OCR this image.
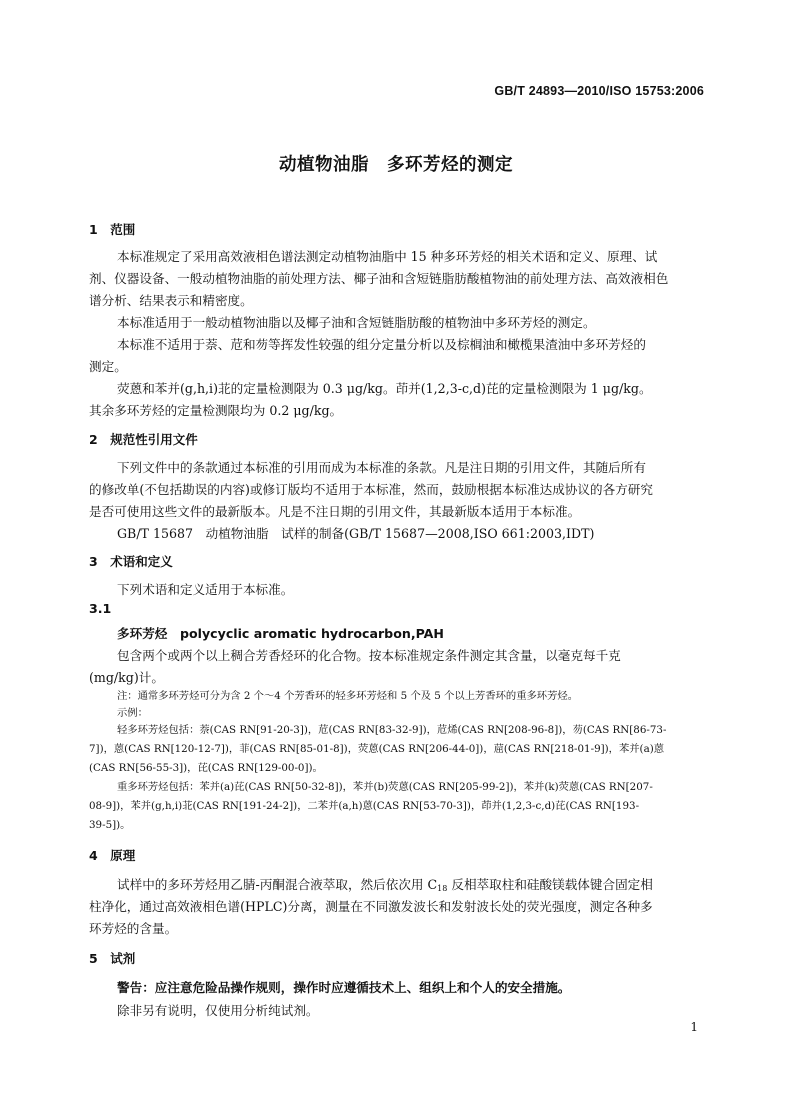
GB/T 24893—2010/ISO 15753:2006
动植物油脂　多环芳烃的测定
1　范围
本标准规定了采用高效液相色谱法测定动植物油脂中 15 种多环芳烃的相关术语和定义、原理、试
剂、仪器设备、一般动植物油脂的前处理方法、椰子油和含短链脂肪酸植物油的前处理方法、高效液相色
谱分析、结果表示和精密度。
本标准适用于一般动植物油脂以及椰子油和含短链脂肪酸的植物油中多环芳烃的测定。
本标准不适用于萘、苊和芴等挥发性较强的组分定量分析以及棕榈油和橄榄果渣油中多环芳烃的
测定。
荧蒽和苯并(g,h,i)苝的定量检测限为 0.3 μg/kg。茚并(1,2,3-c,d)芘的定量检测限为 1 μg/kg。
其余多环芳烃的定量检测限均为 0.2 μg/kg。
2　规范性引用文件
下列文件中的条款通过本标准的引用而成为本标准的条款。凡是注日期的引用文件，其随后所有
的修改单(不包括勘误的内容)或修订版均不适用于本标准，然而，鼓励根据本标准达成协议的各方研究
是否可使用这些文件的最新版本。凡是不注日期的引用文件，其最新版本适用于本标准。
GB/T 15687　动植物油脂　试样的制备(GB/T 15687—2008,ISO 661:2003,IDT)
3　术语和定义
下列术语和定义适用于本标准。
3.1
多环芳烃　polycyclic aromatic hydrocarbon,PAH
包含两个或两个以上稠合芳香烃环的化合物。按本标准规定条件测定其含量，以毫克每千克
(mg/kg)计。
注：通常多环芳烃可分为含 2 个～4 个芳香环的轻多环芳烃和 5 个及 5 个以上芳香环的重多环芳烃。
示例：
轻多环芳烃包括：萘(CAS RN[91-20-3])，苊(CAS RN[83-32-9])，苊烯(CAS RN[208-96-8])，芴(CAS RN[86-73-
7])，蒽(CAS RN[120-12-7])，菲(CAS RN[85-01-8])，荧蒽(CAS RN[206-44-0])，䓛(CAS RN[218-01-9])，苯并(a)蒽
(CAS RN[56-55-3])，芘(CAS RN[129-00-0])。
重多环芳烃包括：苯并(a)芘(CAS RN[50-32-8])，苯并(b)荧蒽(CAS RN[205-99-2])，苯并(k)荧蒽(CAS RN[207-
08-9])，苯并(g,h,i)苝(CAS RN[191-24-2])，二苯并(a,h)蒽(CAS RN[53-70-3])，茚并(1,2,3-c,d)芘(CAS RN[193-
39-5])。
4　原理
试样中的多环芳烃用乙腈-丙酮混合液萃取，然后依次用 $C_{18}$ 反相萃取柱和硅酸镁载体键合固定相
柱净化，通过高效液相色谱(HPLC)分离，测量在不同激发波长和发射波长处的荧光强度，测定各种多
环芳烃的含量。
5　试剂
警告：应注意危险品操作规则，操作时应遵循技术上、组织上和个人的安全措施。
除非另有说明，仅使用分析纯试剂。
1
